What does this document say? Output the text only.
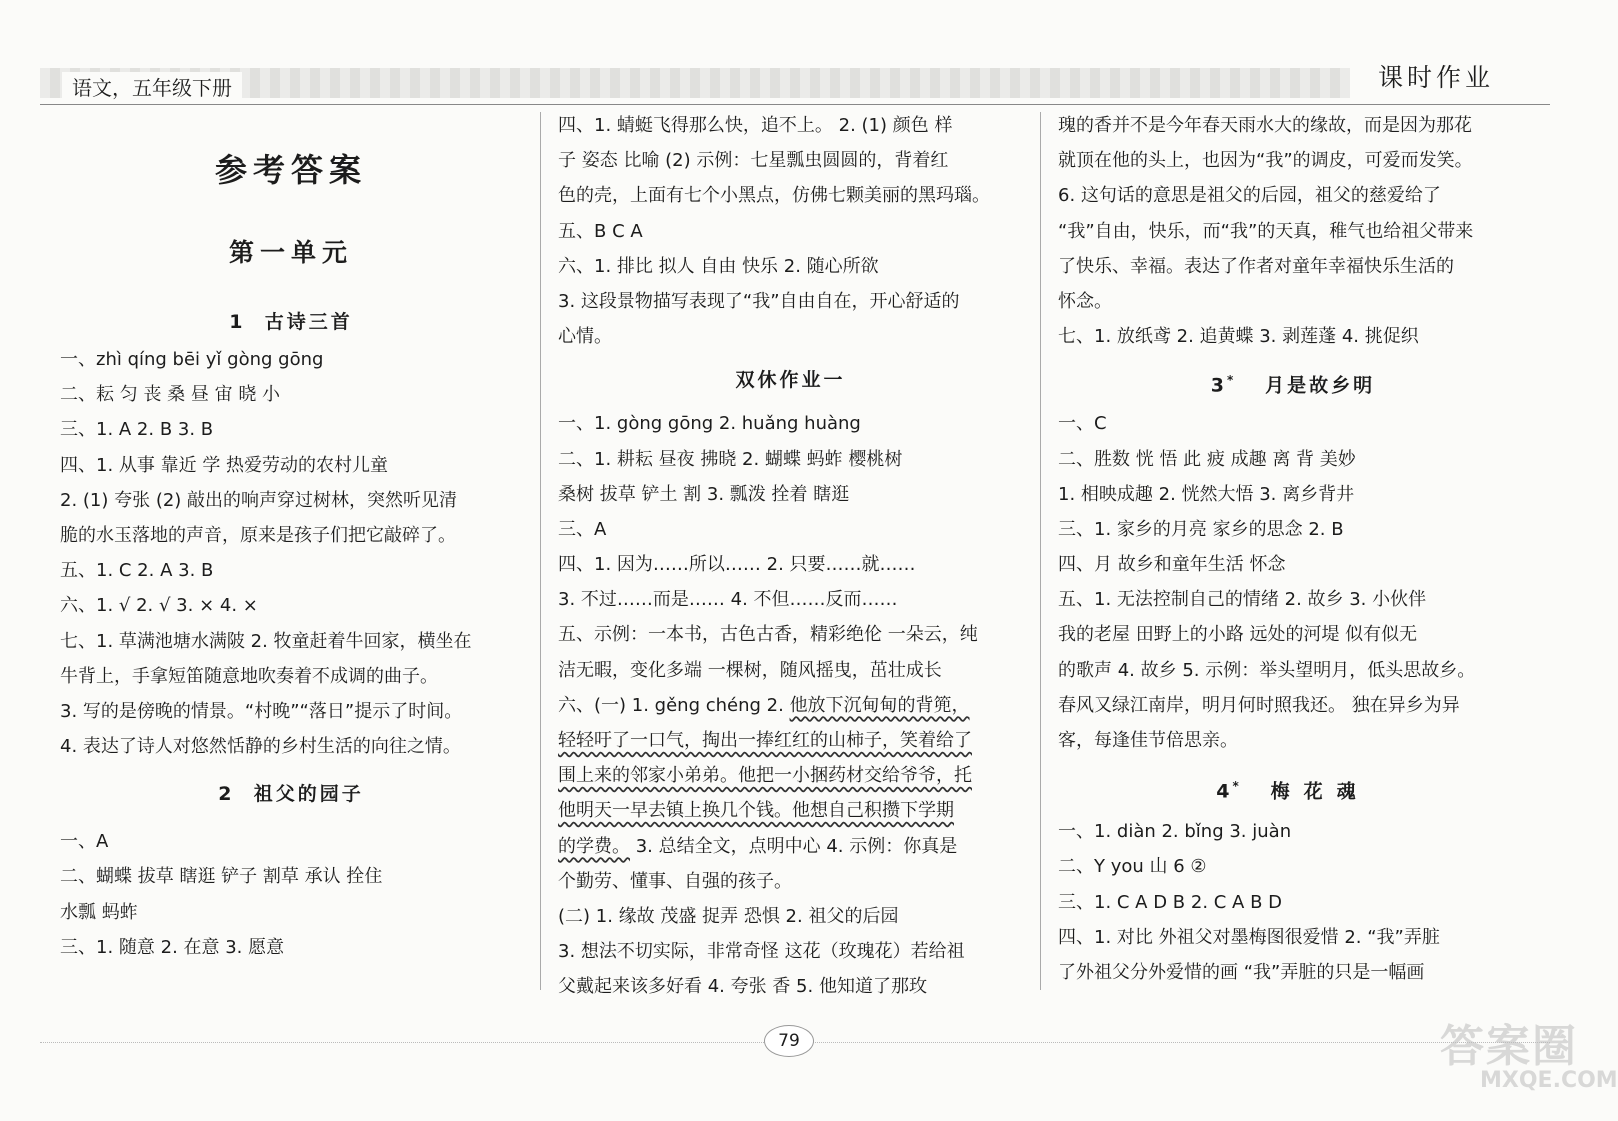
语文，五年级下册	课时作业
参考答案
第一单元
1 古诗三首
一、zhì qíng bēi yǐ gòng gōng
二、耘 匀 丧 桑 昼 宙 晓 小
三、1. A 2. B 3. B
四、1. 从事 靠近 学 热爱劳动的农村儿童
2. (1) 夸张 (2) 敲出的响声穿过树林，突然听见清
脆的水玉落地的声音，原来是孩子们把它敲碎了。
五、1. C 2. A 3. B
六、1. √ 2. √ 3. × 4. ×
七、1. 草满池塘水满陂 2. 牧童赶着牛回家，横坐在
牛背上，手拿短笛随意地吹奏着不成调的曲子。
3. 写的是傍晚的情景。“村晚”“落日”提示了时间。
4. 表达了诗人对悠然恬静的乡村生活的向往之情。
2 祖父的园子
一、A
二、蝴蝶 拔草 瞎逛 铲子 割草 承认 拴住
水瓢 蚂蚱
三、1. 随意 2. 在意 3. 愿意
四、1. 蜻蜓飞得那么快，追不上。 2. (1) 颜色 样
子 姿态 比喻 (2) 示例：七星瓢虫圆圆的，背着红
色的壳，上面有七个小黑点，仿佛七颗美丽的黑玛瑙。
五、B C A
六、1. 排比 拟人 自由 快乐 2. 随心所欲
3. 这段景物描写表现了“我”自由自在，开心舒适的
心情。
双休作业一
一、1. gòng gōng 2. huǎng huàng
二、1. 耕耘 昼夜 拂晓 2. 蝴蝶 蚂蚱 樱桃树
桑树 拔草 铲土 割 3. 瓢泼 拴着 瞎逛
三、A
四、1. 因为……所以…… 2. 只要……就……
3. 不过……而是…… 4. 不但……反而……
五、示例：一本书，古色古香，精彩绝伦 一朵云，纯
洁无暇，变化多端 一棵树，随风摇曳，茁壮成长
六、(一) 1. gěng chéng 2. 他放下沉甸甸的背篼，
轻轻吁了一口气，掏出一捧红红的山柿子，笑着给了
围上来的邻家小弟弟。他把一小捆药材交给爷爷，托
他明天一早去镇上换几个钱。他想自己积攒下学期
的学费。 3. 总结全文，点明中心 4. 示例：你真是
个勤劳、懂事、自强的孩子。
(二) 1. 缘故 茂盛 捉弄 恐惧 2. 祖父的后园
3. 想法不切实际，非常奇怪 这花（玫瑰花）若给祖
父戴起来该多好看 4. 夸张 香 5. 他知道了那玫
瑰的香并不是今年春天雨水大的缘故，而是因为那花
就顶在他的头上，也因为“我”的调皮，可爱而发笑。
6. 这句话的意思是祖父的后园，祖父的慈爱给了
“我”自由，快乐，而“我”的天真，稚气也给祖父带来
了快乐、幸福。表达了作者对童年幸福快乐生活的
怀念。
七、1. 放纸鸢 2. 追黄蝶 3. 剥莲蓬 4. 挑促织
3* 月是故乡明
一、C
二、胜数 恍 悟 此 疲 成趣 离 背 美妙
1. 相映成趣 2. 恍然大悟 3. 离乡背井
三、1. 家乡的月亮 家乡的思念 2. B
四、月 故乡和童年生活 怀念
五、1. 无法控制自己的情绪 2. 故乡 3. 小伙伴
我的老屋 田野上的小路 远处的河堤 似有似无
的歌声 4. 故乡 5. 示例：举头望明月，低头思故乡。
春风又绿江南岸，明月何时照我还。 独在异乡为异
客，每逢佳节倍思亲。
4* 梅花魂
一、1. diàn 2. bǐng 3. juàn
二、Y you 山 6 ②
三、1. C A D B 2. C A B D
四、1. 对比 外祖父对墨梅图很爱惜 2. “我”弄脏
了外祖父分外爱惜的画 “我”弄脏的只是一幅画
79	答案圈
MXQE.COM
